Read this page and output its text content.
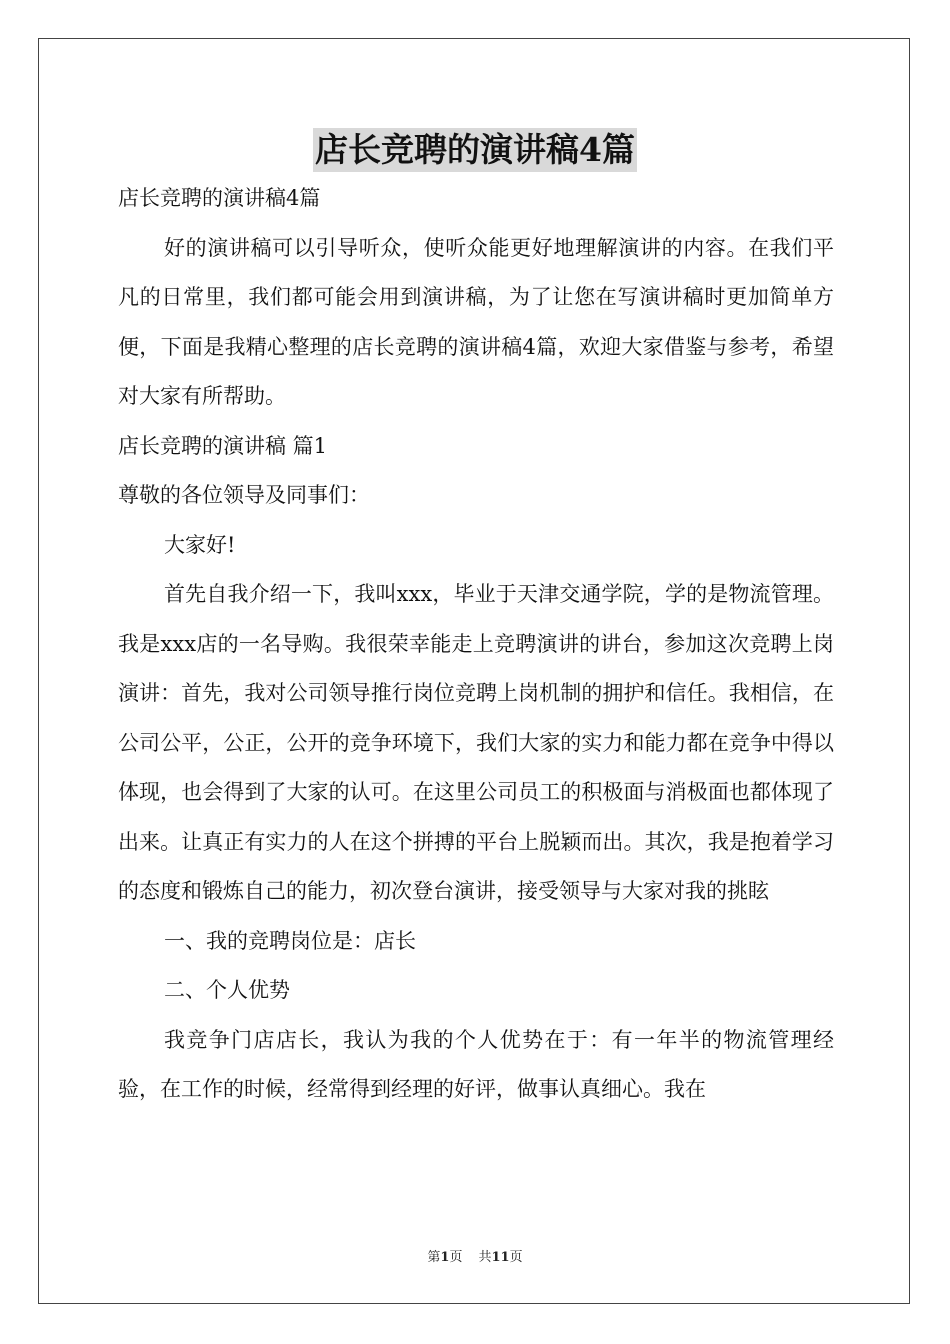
店长竞聘的演讲稿4篇

店长竞聘的演讲稿4篇

好的演讲稿可以引导听众，使听众能更好地理解演讲的内容。在我们平凡的日常里，我们都可能会用到演讲稿，为了让您在写演讲稿时更加简单方便，下面是我精心整理的店长竞聘的演讲稿4篇，欢迎大家借鉴与参考，希望对大家有所帮助。

店长竞聘的演讲稿 篇1

尊敬的各位领导及同事们：

大家好!

首先自我介绍一下，我叫xxx，毕业于天津交通学院，学的是物流管理。我是xxx店的一名导购。我很荣幸能走上竞聘演讲的讲台，参加这次竞聘上岗演讲：首先，我对公司领导推行岗位竞聘上岗机制的拥护和信任。我相信，在公司公平，公正，公开的竞争环境下，我们大家的实力和能力都在竞争中得以体现，也会得到了大家的认可。在这里公司员工的积极面与消极面也都体现了出来。让真正有实力的人在这个拼搏的平台上脱颖而出。其次，我是抱着学习的态度和锻炼自己的能力，初次登台演讲，接受领导与大家对我的挑眩

一、我的竞聘岗位是：店长

二、个人优势

我竞争门店店长，我认为我的个人优势在于：有一年半的物流管理经验，在工作的时候，经常得到经理的好评，做事认真细心。我在

第1页 共11页
